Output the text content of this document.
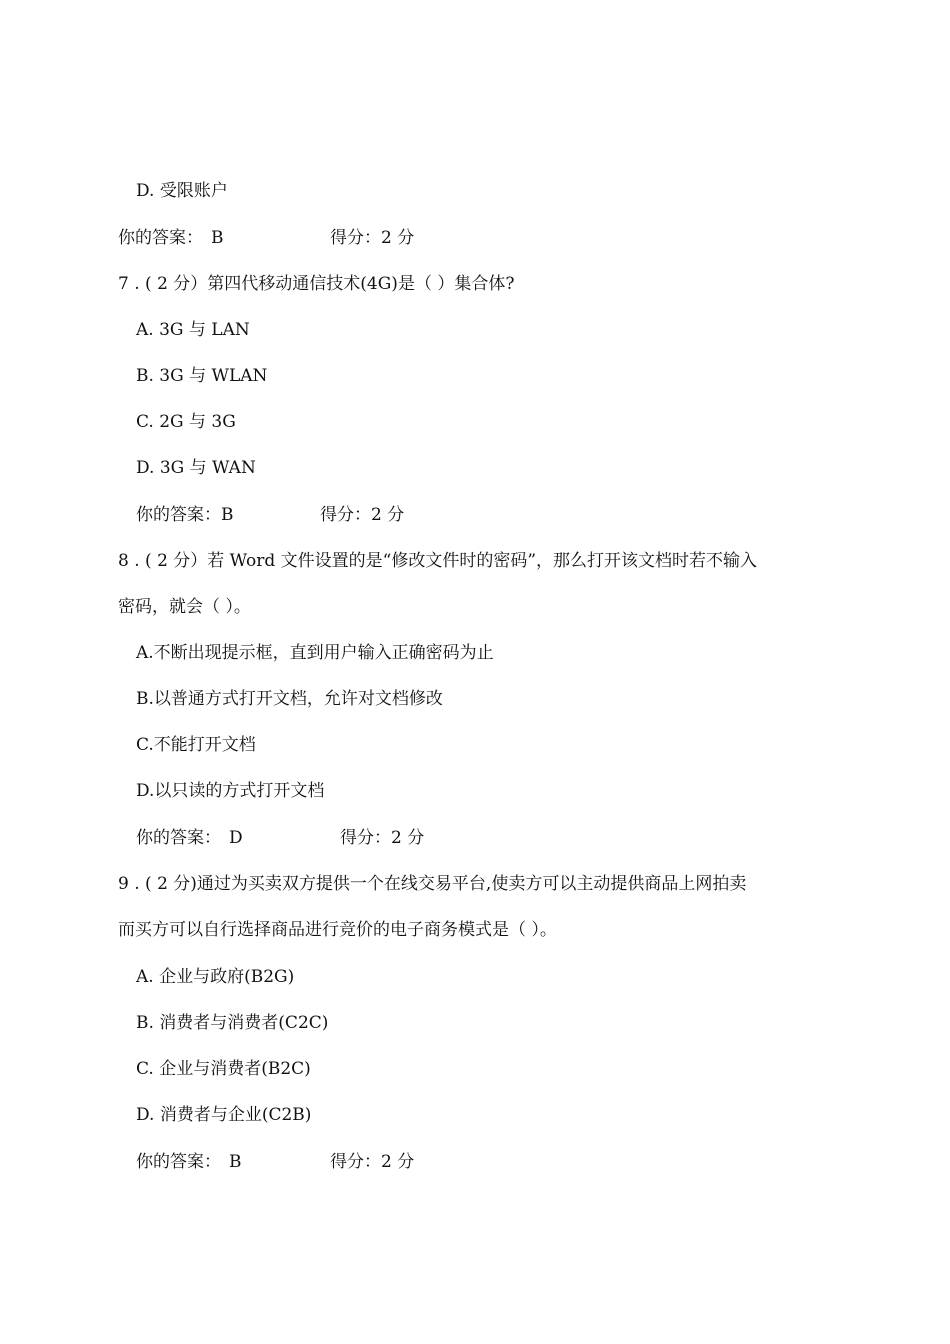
D. 受限账户
你的答案： B	得分：2 分
7 . ( 2 分）第四代移动通信技术(4G)是（ ）集合体?
A. 3G 与 LAN
B. 3G 与 WLAN
C. 2G 与 3G
D. 3G 与 WAN
你的答案：B	得分：2 分
8 . ( 2 分）若 Word 文件设置的是“修改文件时的密码”，那么打开该文档时若不输入
密码，就会（ ）。
A.不断出现提示框，直到用户输入正确密码为止
B.以普通方式打开文档，允许对文档修改
C.不能打开文档
D.以只读的方式打开文档
你的答案： D	得分：2 分
9 . ( 2 分)通过为买卖双方提供一个在线交易平台,使卖方可以主动提供商品上网拍卖
而买方可以自行选择商品进行竞价的电子商务模式是（ ）。
A. 企业与政府(B2G)
B. 消费者与消费者(C2C)
C. 企业与消费者(B2C)
D. 消费者与企业(C2B)
你的答案： B	得分：2 分
